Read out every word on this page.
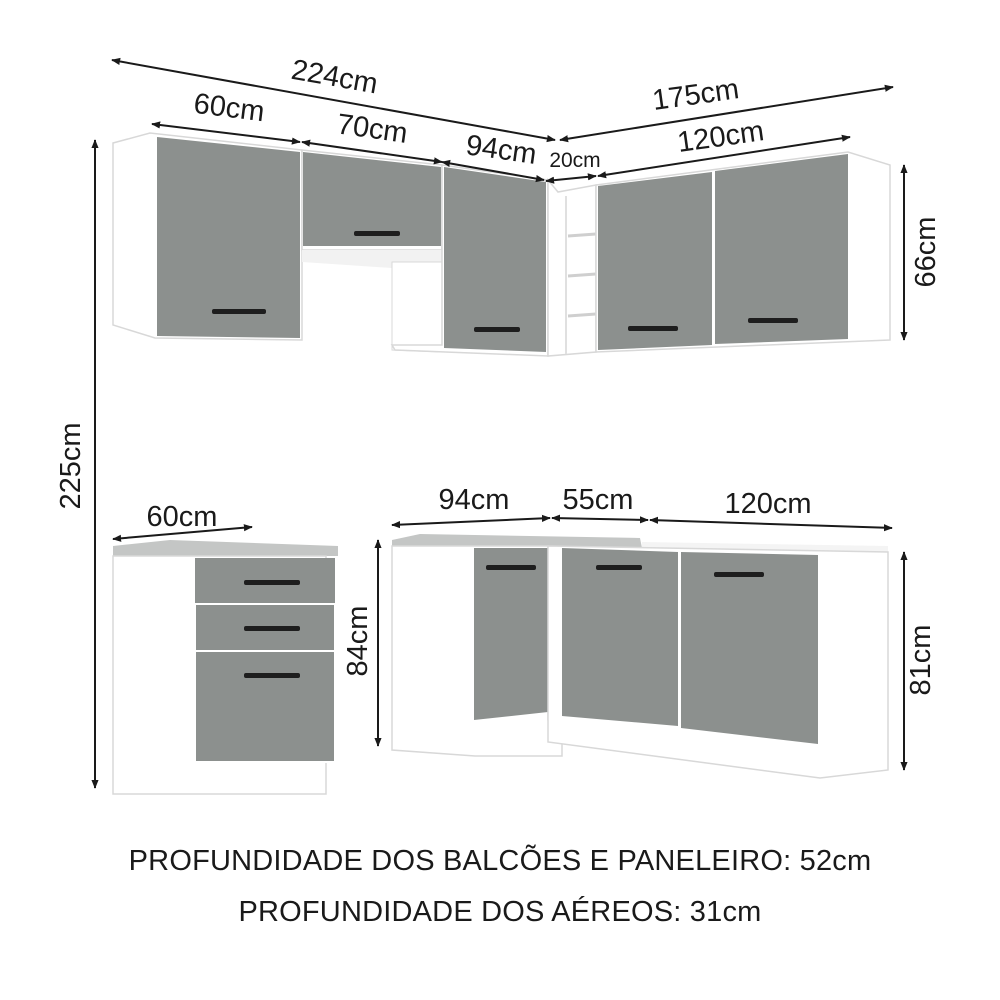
224cm	175cm
60cm
70cm
94cm 20cm
120cm
66cm
225cm
60cm
84cm
94cm 55cm	120cm
81cm
PROFUNDIDADE DOS BALCÕES E PANELEIRO: 52cm
PROFUNDIDADE DOS AÉREOS: 31cm
